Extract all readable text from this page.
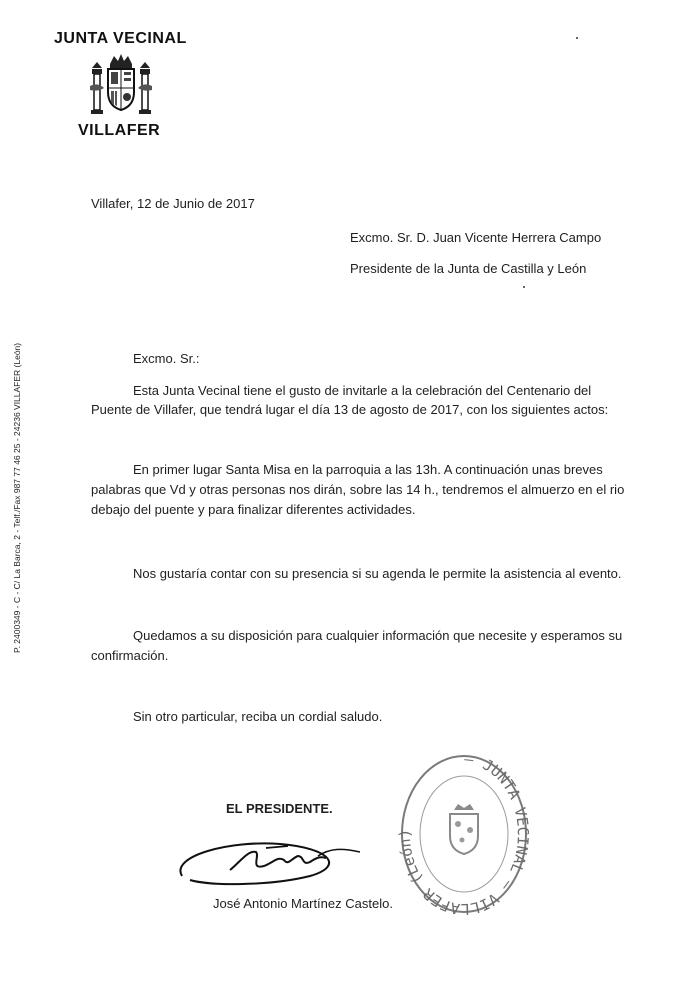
JUNTA VECINAL
VILLAFER
P. 2400349 - C - C/ La Barca, 2 - Telf./Fax 987 77 46 25 - 24236 VILLAFER (León)
Villafer, 12 de Junio de 2017
Excmo. Sr. D. Juan Vicente Herrera Campo
Presidente de la Junta de Castilla y León
Excmo. Sr.:
Esta Junta Vecinal tiene el gusto de invitarle a la celebración del Centenario del
Puente de Villafer, que tendrá lugar el día 13 de agosto de 2017, con los siguientes actos:
En primer lugar Santa Misa en la parroquia a las 13h. A continuación unas breves
palabras que Vd y otras personas nos dirán, sobre las 14 h., tendremos el almuerzo en el rio
debajo del puente y para finalizar diferentes actividades.
Nos gustaría contar con su presencia si su agenda le permite la asistencia al evento.
Quedamos a su disposición para cualquier información que necesite y esperamos su
confirmación.
Sin otro particular, reciba un cordial saludo.
EL PRESIDENTE.
José Antonio Martínez Castelo.
— JUNTA VE NAL — VILLAFER (Leó
